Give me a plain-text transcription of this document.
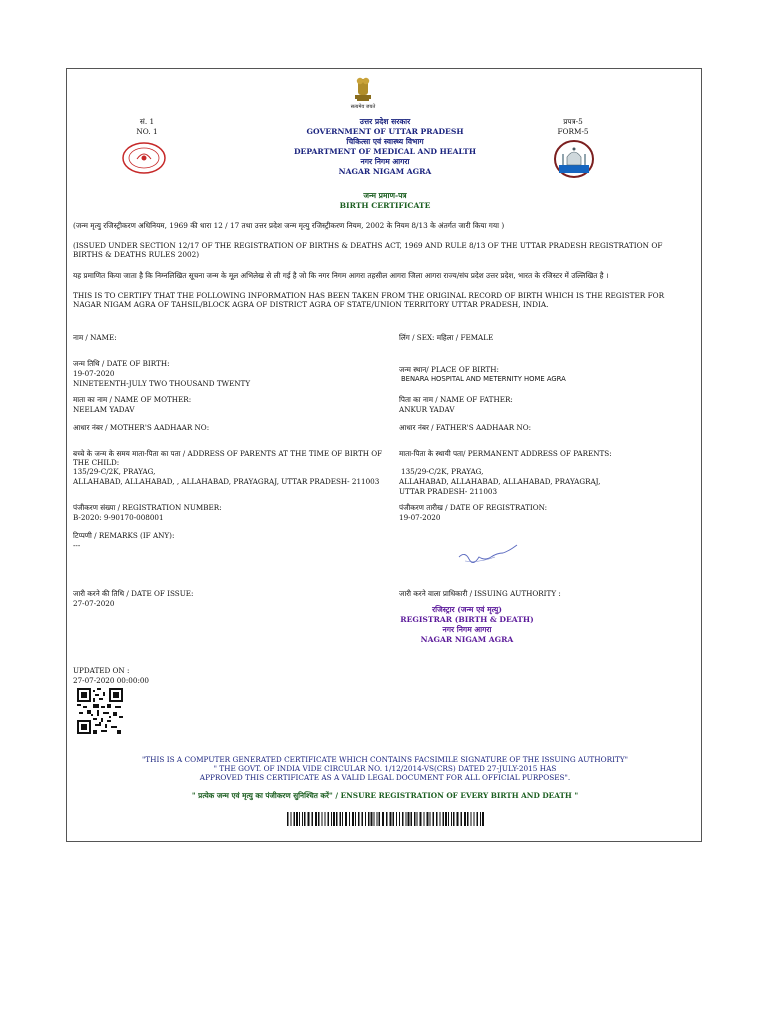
सत्यमेव जयते
सं. 1
NO. 1
प्रपत्र-5
FORM-5
उत्तर प्रदेश सरकार
GOVERNMENT OF UTTAR PRADESH
चिकित्सा एवं स्वास्थ्य विभाग
DEPARTMENT OF MEDICAL AND HEALTH
नगर निगम आगरा
NAGAR NIGAM AGRA
जन्म प्रमाण-पत्र
BIRTH CERTIFICATE
(जन्म मृत्यु रजिस्ट्रीकरण अधिनियम, 1969 की धारा 12 / 17 तथा उत्तर प्रदेश जन्म मृत्यु रजिस्ट्रीकरण नियम, 2002 के नियम 8/13 के अंतर्गत जारी किया गया )
(ISSUED UNDER SECTION 12/17 OF THE REGISTRATION OF BIRTHS & DEATHS ACT, 1969 AND RULE 8/13 OF THE UTTAR PRADESH REGISTRATION OF BIRTHS & DEATHS RULES 2002)
यह प्रमाणित किया जाता है कि निम्नलिखित सूचना जन्म के मूल अभिलेख से ली गई है जो कि नगर निगम आगरा तहसील आगरा जिला आगरा राज्य/संघ प्रदेश उत्तर प्रदेश, भारत के रजिस्टर में उल्लिखित है ।
THIS IS TO CERTIFY THAT THE FOLLOWING INFORMATION HAS BEEN TAKEN FROM THE ORIGINAL RECORD OF BIRTH WHICH IS THE REGISTER FOR NAGAR NIGAM AGRA OF TAHSIL/BLOCK AGRA OF DISTRICT AGRA OF STATE/UNION TERRITORY UTTAR PRADESH, INDIA.
नाम / NAME:
जन्म तिथि / DATE OF BIRTH:
19-07-2020
NINETEENTH-JULY TWO THOUSAND TWENTY
माता का नाम / NAME OF MOTHER:
NEELAM YADAV
आधार नंबर / MOTHER'S AADHAAR NO:
बच्चे के जन्म के समय माता-पिता का पता / ADDRESS OF PARENTS AT THE TIME OF BIRTH OF THE CHILD:
135/29-C/2K, PRAYAG,
ALLAHABAD, ALLAHABAD, , ALLAHABAD, PRAYAGRAJ, UTTAR PRADESH- 211003
पंजीकरण संख्या / REGISTRATION NUMBER:
B-2020: 9-90170-008001
टिप्पणी / REMARKS (IF ANY):
---
जारी करने की तिथि / DATE OF ISSUE:
27-07-2020
लिंग / SEX: महिला / FEMALE
जन्म स्थान/ PLACE OF BIRTH:
BENARA HOSPITAL AND METERNITY HOME AGRA
पिता का नाम / NAME OF FATHER:
ANKUR YADAV
आधार नंबर / FATHER'S AADHAAR NO:
माता-पिता के स्थायी पता/ PERMANENT ADDRESS OF PARENTS:
135/29-C/2K, PRAYAG,
ALLAHABAD, ALLAHABAD, ALLAHABAD, PRAYAGRAJ,
UTTAR PRADESH- 211003
पंजीकरण तारीख / DATE OF REGISTRATION:
19-07-2020
जारी करने वाला प्राधिकारी / ISSUING AUTHORITY :
रजिस्ट्रार (जन्म एवं मृत्यु)
REGISTRAR (BIRTH & DEATH)
नगर निगम आगरा
NAGAR NIGAM AGRA
UPDATED ON :
27-07-2020 00:00:00
"THIS IS A COMPUTER GENERATED CERTIFICATE WHICH CONTAINS FACSIMILE SIGNATURE OF THE ISSUING AUTHORITY"
" THE GOVT. OF INDIA VIDE CIRCULAR NO. 1/12/2014-VS(CRS) DATED 27-JULY-2015 HAS
APPROVED THIS CERTIFICATE AS A VALID LEGAL DOCUMENT FOR ALL OFFICIAL PURPOSES".
" प्रत्येक जन्म एवं मृत्यु का पंजीकरण सुनिश्चित करें" / ENSURE REGISTRATION OF EVERY BIRTH AND DEATH "
